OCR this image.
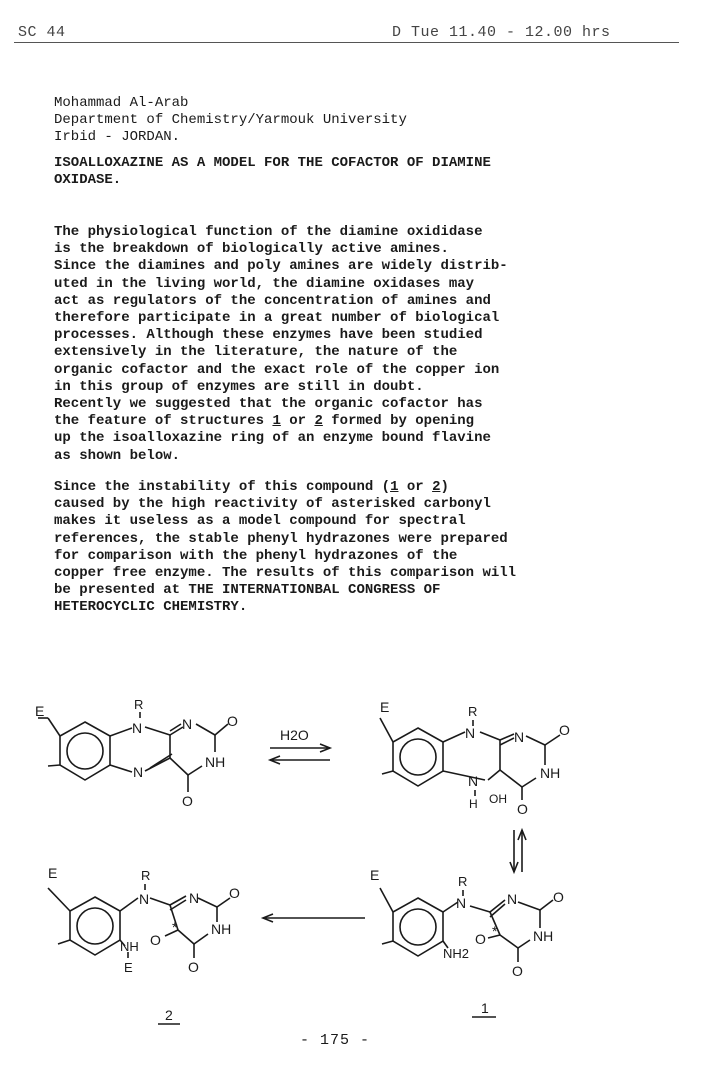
SC 44	D Tue 11.40 - 12.00 hrs
Mohammad Al-Arab
Department of Chemistry/Yarmouk University
Irbid - JORDAN.
ISOALLOXAZINE AS A MODEL FOR THE COFACTOR OF DIAMINE
OXIDASE.
The physiological function of the diamine oxididase
is the breakdown of biologically active amines.
Since the diamines and poly amines are widely distrib-
uted in the living world, the diamine oxidases may
act as regulators of the concentration of amines and
therefore participate in a great number of biological
processes. Although these enzymes have been studied
extensively in the literature, the nature of the
organic cofactor and the exact role of the copper ion
in this group of enzymes are still in doubt.
Recently we suggested that the organic cofactor has
the feature of structures 1 or 2 formed by opening
up the isoalloxazine ring of an enzyme bound flavine
as shown below.
Since the instability of this compound (1 or 2)
caused by the high reactivity of asterisked carbonyl
makes it useless as a model compound for spectral
references, the stable phenyl hydrazones were prepared
for comparison with the phenyl hydrazones of the
copper free enzyme. The results of this comparison will
be presented at THE INTERNATIONBAL CONGRESS OF
HETEROCYCLIC CHEMISTRY.
E	R
N
N
N O
NH
O
H2O
E	R
N
N
N O
NH
OH
H	O
E	R
N	N	O
NH
O *
NH2
O
E	R
N	N O
NH
O
*
NH
E	O
2	1
- 175 -
